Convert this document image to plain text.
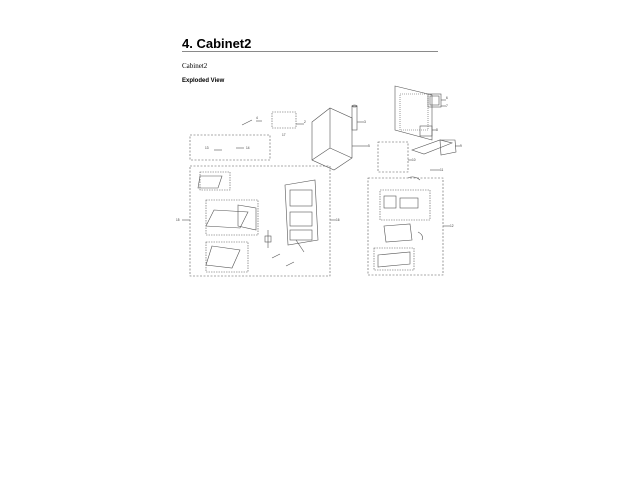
4. Cabinet2
Cabinet2
Exploded View
4
2	3
5
6
7
8
9
10
11
12
13	14
15	16
17
